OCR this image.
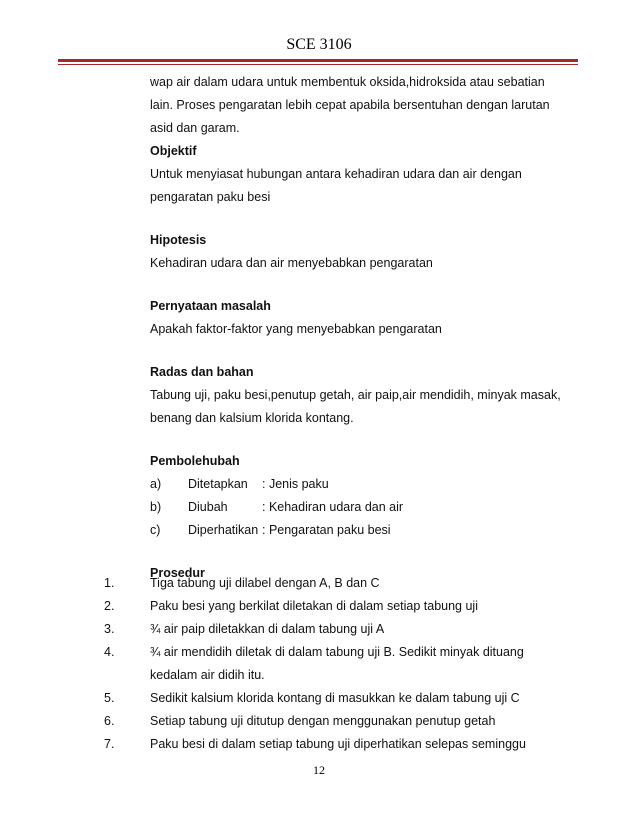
SCE 3106

wap air dalam udara untuk membentuk oksida,hidroksida atau sebatian

lain. Proses pengaratan lebih cepat apabila bersentuhan dengan larutan

asid dan garam.

Objektif

Untuk menyiasat hubungan antara kehadiran udara dan air dengan

pengaratan paku besi

Hipotesis

Kehadiran udara dan air menyebabkan pengaratan

Pernyataan masalah

Apakah faktor-faktor yang menyebabkan pengaratan

Radas dan bahan

Tabung uji, paku besi,penutup getah, air paip,air mendidih, minyak masak,

benang dan kalsium klorida kontang.

Pembolehubah

a)	Ditetapkan	: Jenis paku
b)	Diubah	: Kehadiran udara dan air
c)	Diperhatikan : Pengaratan paku besi

Prosedur

1.	Tiga tabung uji dilabel dengan A, B dan C
2.	Paku besi yang berkilat diletakan di dalam setiap tabung uji
3.	¾ air paip diletakkan di dalam tabung uji A
4.	¾ air mendidih diletak di dalam tabung uji B. Sedikit minyak dituang kedalam air didih itu.
5.	Sedikit kalsium klorida kontang di masukkan ke dalam tabung uji C
6.	Setiap tabung uji ditutup dengan menggunakan penutup getah
7.	Paku besi di dalam setiap tabung uji diperhatikan selepas seminggu
12
